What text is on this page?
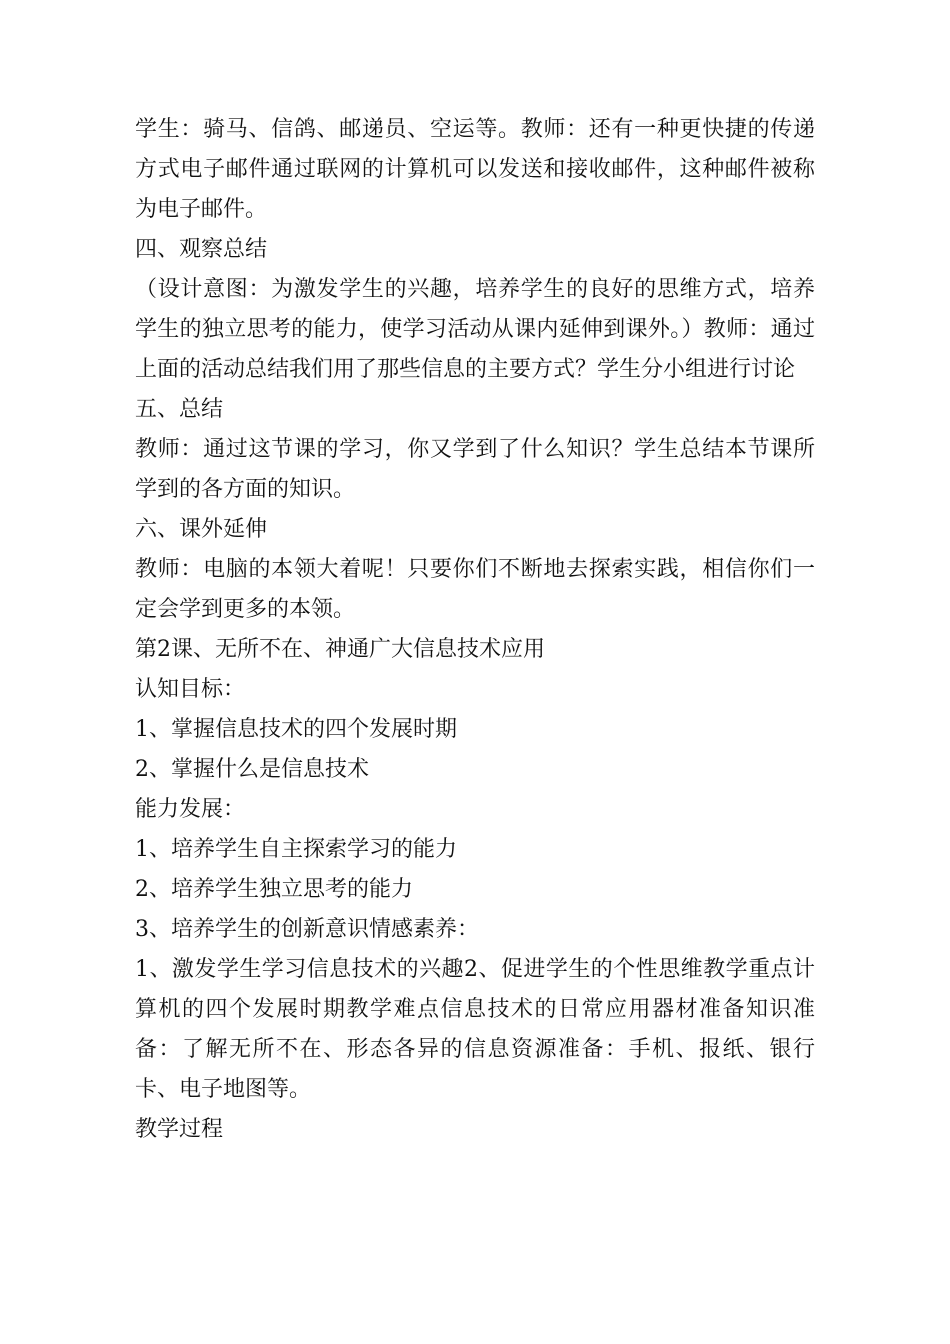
学生：骑马、信鸽、邮递员、空运等。教师：还有一种更快捷的传递方式电子邮件通过联网的计算机可以发送和接收邮件，这种邮件被称为电子邮件。

四、观察总结

（设计意图：为激发学生的兴趣，培养学生的良好的思维方式，培养学生的独立思考的能力，使学习活动从课内延伸到课外。）教师：通过上面的活动总结我们用了那些信息的主要方式？学生分小组进行讨论

五、总结

教师：通过这节课的学习，你又学到了什么知识？学生总结本节课所学到的各方面的知识。

六、课外延伸

教师：电脑的本领大着呢！只要你们不断地去探索实践，相信你们一定会学到更多的本领。

第2课、无所不在、神通广大信息技术应用

认知目标：

1、掌握信息技术的四个发展时期

2、掌握什么是信息技术

能力发展：

1、培养学生自主探索学习的能力

2、培养学生独立思考的能力

3、培养学生的创新意识情感素养：

1、激发学生学习信息技术的兴趣2、促进学生的个性思维教学重点计算机的四个发展时期教学难点信息技术的日常应用器材准备知识准备：了解无所不在、形态各异的信息资源准备：手机、报纸、银行卡、电子地图等。

教学过程
